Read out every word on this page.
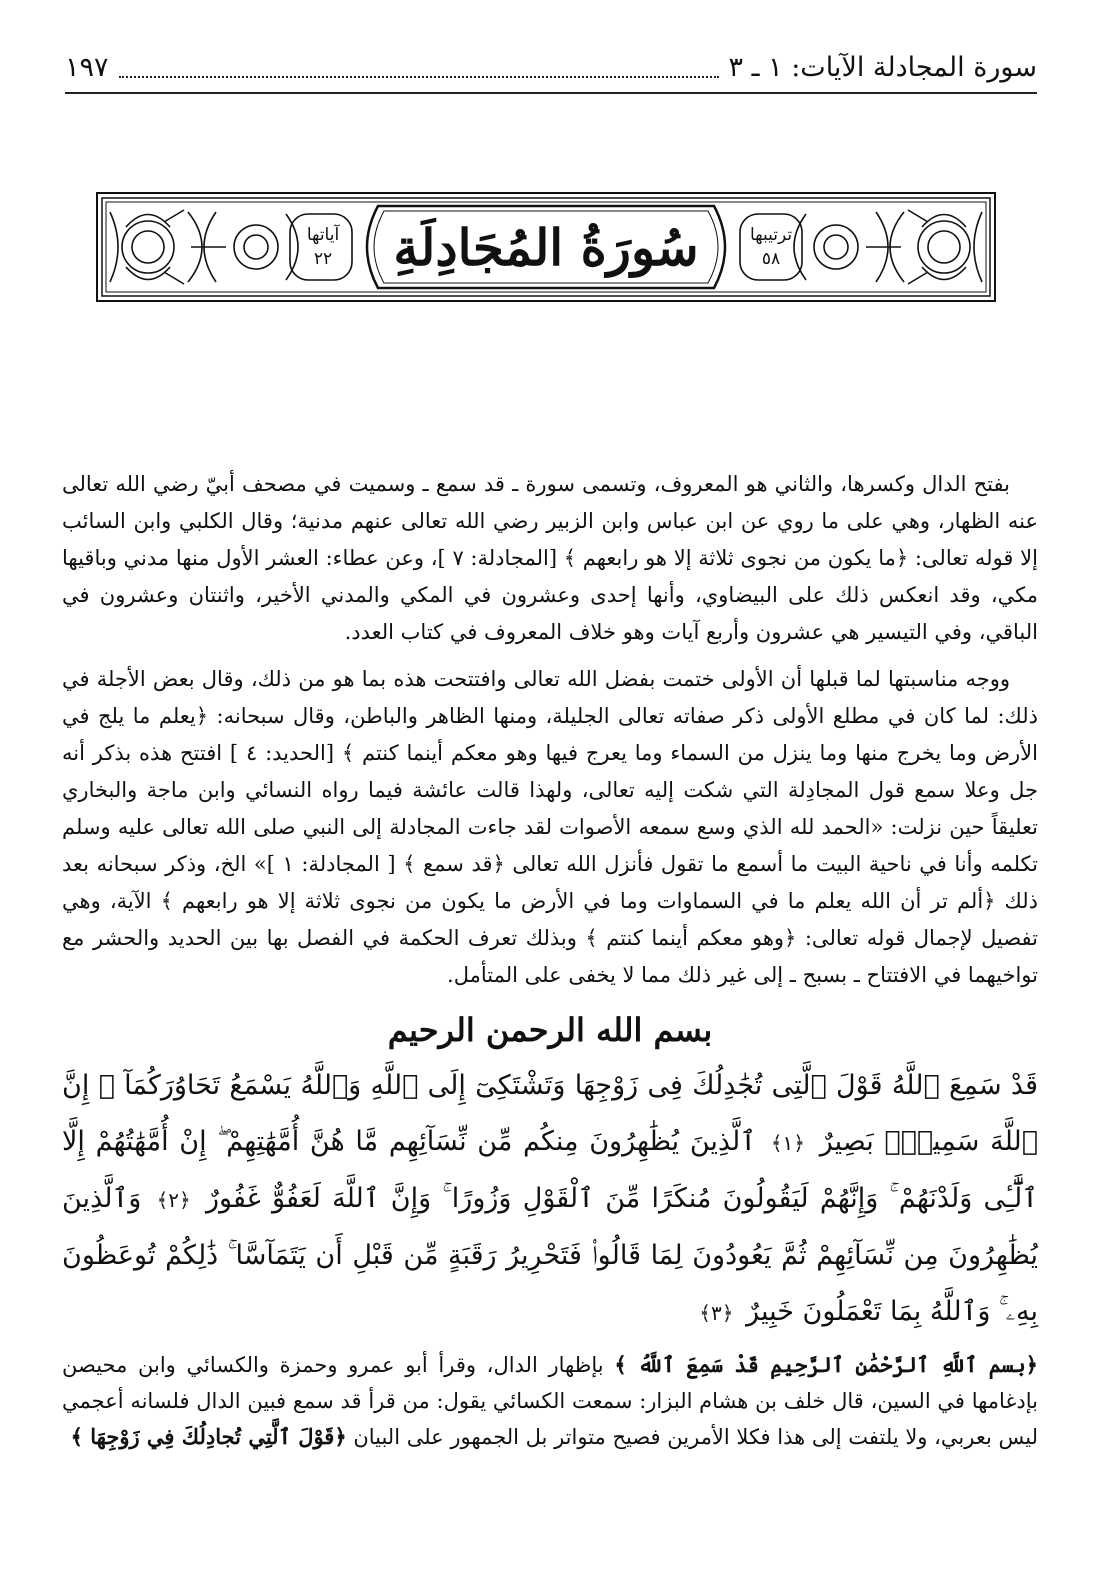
سورة المجادلة الآيات: ١ ـ ٣
١٩٧
سُورَةُ المُجَادِلَةِ
آياتها
٢٢
ترتيبها
٥٨

بفتح الدال وكسرها، والثاني هو المعروف، وتسمى سورة ـ قد سمع ـ وسميت في مصحف أبيّ رضي الله تعالى عنه الظهار، وهي على ما روي عن ابن عباس وابن الزبير رضي الله تعالى عنهم مدنية؛ وقال الكلبي وابن السائب إلا قوله تعالى: ﴿ما يكون من نجوى ثلاثة إلا هو رابعهم ﴾ [المجادلة: ٧ ]، وعن عطاء: العشر الأول منها مدني وباقيها مكي، وقد انعكس ذلك على البيضاوي، وأنها إحدى وعشرون في المكي والمدني الأخير، واثنتان وعشرون في الباقي، وفي التيسير هي عشرون وأربع آيات وهو خلاف المعروف في كتاب العدد.

ووجه مناسبتها لما قبلها أن الأولى ختمت بفضل الله تعالى وافتتحت هذه بما هو من ذلك، وقال بعض الأجلة في ذلك: لما كان في مطلع الأولى ذكر صفاته تعالى الجليلة، ومنها الظاهر والباطن، وقال سبحانه: ﴿يعلم ما يلج في الأرض وما يخرج منها وما ينزل من السماء وما يعرج فيها وهو معكم أينما كنتم ﴾ [الحديد: ٤ ] افتتح هذه بذكر أنه جل وعلا سمع قول المجادِلة التي شكت إليه تعالى، ولهذا قالت عائشة فيما رواه النسائي وابن ماجة والبخاري تعليقاً حين نزلت: «الحمد لله الذي وسع سمعه الأصوات لقد جاءت المجادلة إلى النبي صلى الله تعالى عليه وسلم تكلمه وأنا في ناحية البيت ما أسمع ما تقول فأنزل الله تعالى ﴿قد سمع ﴾ [ المجادلة: ١ ]» الخ، وذكر سبحانه بعد ذلك ﴿ألم تر أن الله يعلم ما في السماوات وما في الأرض ما يكون من نجوى ثلاثة إلا هو رابعهم ﴾ الآية، وهي تفصيل لإجمال قوله تعالى: ﴿وهو معكم أينما كنتم ﴾ وبذلك تعرف الحكمة في الفصل بها بين الحديد والحشر مع تواخيهما في الافتتاح ـ بسبح ـ إلى غير ذلك مما لا يخفى على المتأمل.

بسم الله الرحمن الرحيم
قَدْ سَمِعَ ٱللَّهُ قَوْلَ ٱلَّتِى تُجَٰدِلُكَ فِى زَوْجِهَا وَتَشْتَكِىٓ إِلَى ٱللَّهِ وَٱللَّهُ يَسْمَعُ تَحَاوُرَكُمَآ ۚ إِنَّ ٱللَّهَ سَمِيعٌۢ بَصِيرٌ ﴿١﴾ ٱلَّذِينَ يُظَٰهِرُونَ مِنكُم مِّن نِّسَآئِهِم مَّا هُنَّ أُمَّهَٰتِهِمْ ۖ إِنْ أُمَّهَٰتُهُمْ إِلَّا ٱلَّٰٓـِٔى وَلَدْنَهُمْ ۚ وَإِنَّهُمْ لَيَقُولُونَ مُنكَرًا مِّنَ ٱلْقَوْلِ وَزُورًا ۚ وَإِنَّ ٱللَّهَ لَعَفُوٌّ غَفُورٌ ﴿٢﴾ وَٱلَّذِينَ يُظَٰهِرُونَ مِن نِّسَآئِهِمْ ثُمَّ يَعُودُونَ لِمَا قَالُوا۟ فَتَحْرِيرُ رَقَبَةٍ مِّن قَبْلِ أَن يَتَمَآسَّا ۚ ذَٰلِكُمْ تُوعَظُونَ بِهِۦ ۚ وَٱللَّهُ بِمَا تَعْمَلُونَ خَبِيرٌ ﴿٣﴾
﴿بسم ٱللَّهِ ٱلرَّحْمَٰنِ ٱلرَّحِيمِ قَدْ سَمِعَ ٱللَّهُ ﴾ بإظهار الدال، وقرأ أبو عمرو وحمزة والكسائي وابن محيصن بإدغامها في السين، قال خلف بن هشام البزار: سمعت الكسائي يقول: من قرأ قد سمع فبين الدال فلسانه أعجمي ليس بعربي، ولا يلتفت إلى هذا فكلا الأمرين فصيح متواتر بل الجمهور على البيان ﴿قَوْلَ ٱلَّتِي تُجادِلُكَ فِي زَوْجِهَا ﴾
